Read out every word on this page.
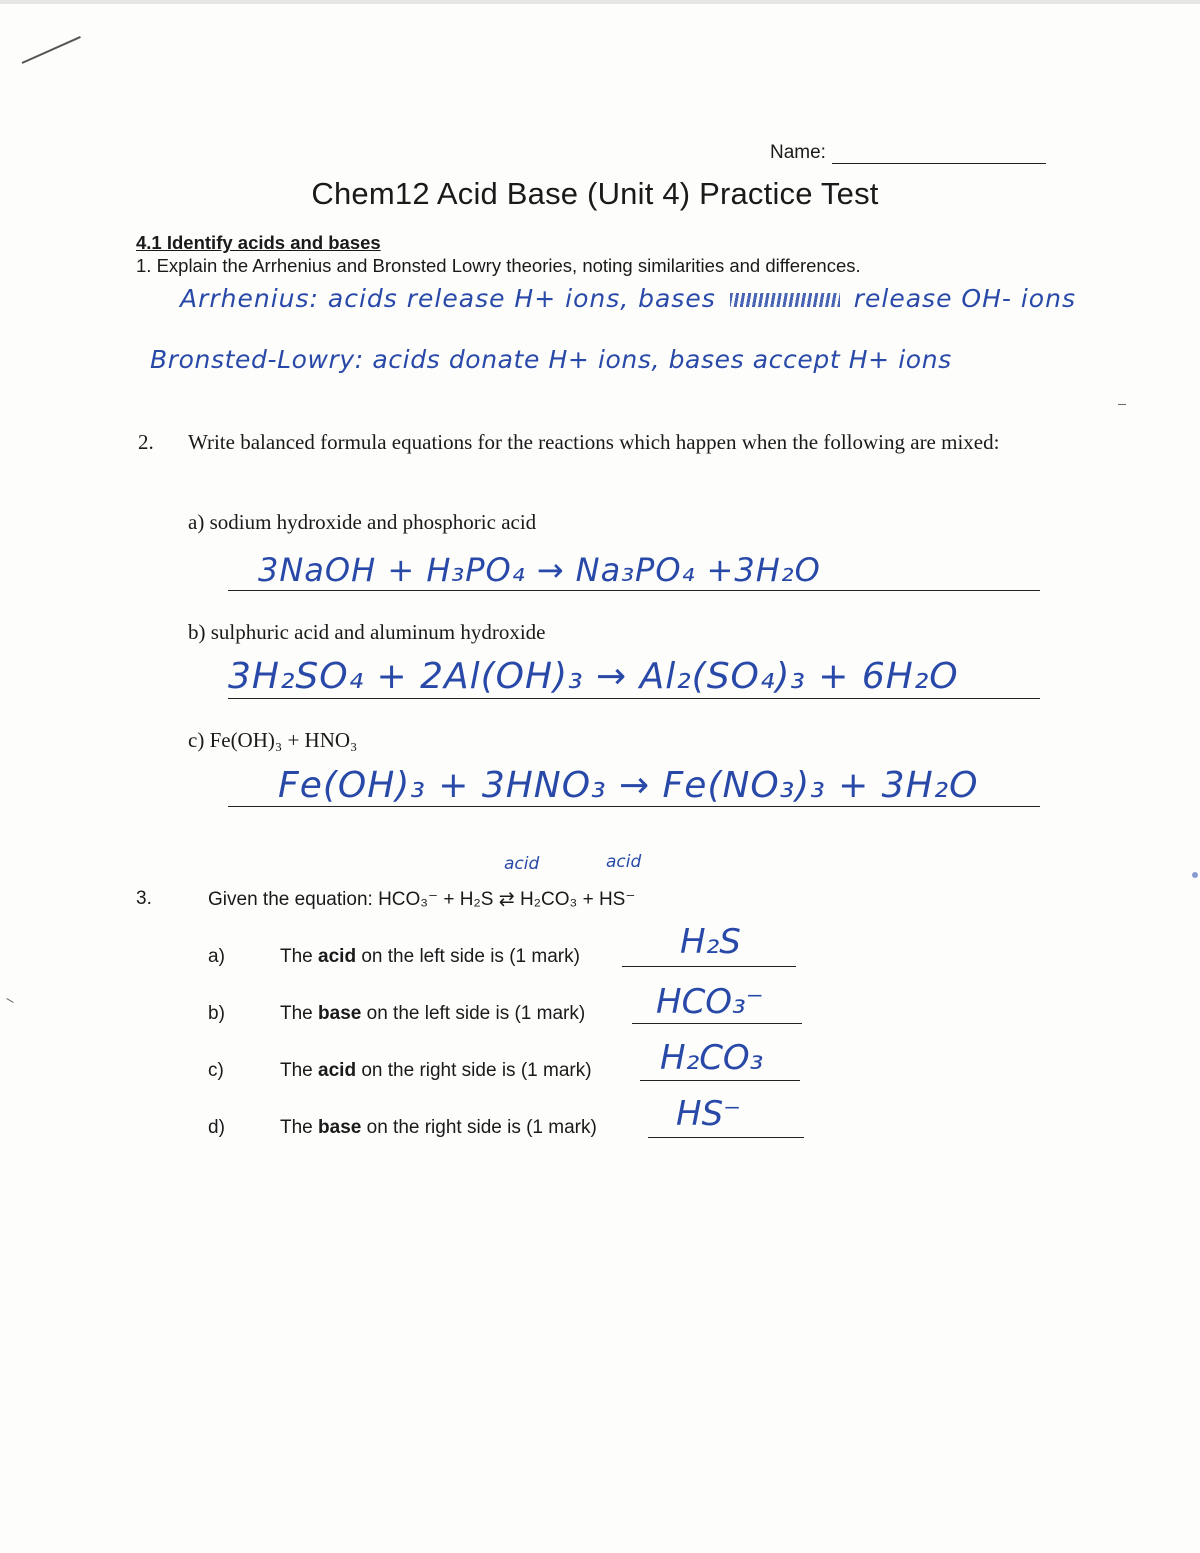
Name:
Chem12 Acid Base (Unit 4) Practice Test
4.1 Identify acids and bases
1. Explain the Arrhenius and Bronsted Lowry theories, noting similarities and differences.
Arrhenius: acids release H+ ions, bases	release OH- ions
Bronsted-Lowry: acids donate H+ ions, bases accept H+ ions
2. Write balanced formula equations for the reactions which happen when the following are mixed:
a) sodium hydroxide and phosphoric acid
3NaOH + H₃PO₄ → Na₃PO₄ +3H₂O
b) sulphuric acid and aluminum hydroxide
3H₂SO₄ + 2Al(OH)₃ → Al₂(SO₄)₃ + 6H₂O
c) Fe(OH)₃ + HNO₃
Fe(OH)₃ + 3HNO₃ → Fe(NO₃)₃ + 3H₂O
acid	acid
3.	Given the equation: HCO₃⁻ + H₂S ⇄ H₂CO₃ + HS⁻
a)	The acid on the left side is (1 mark)	H₂S
b)	The base on the left side is (1 mark) HCO₃⁻
c)	The acid on the right side is (1 mark) H₂CO₃
d)	The base on the right side is (1 mark) HS⁻
